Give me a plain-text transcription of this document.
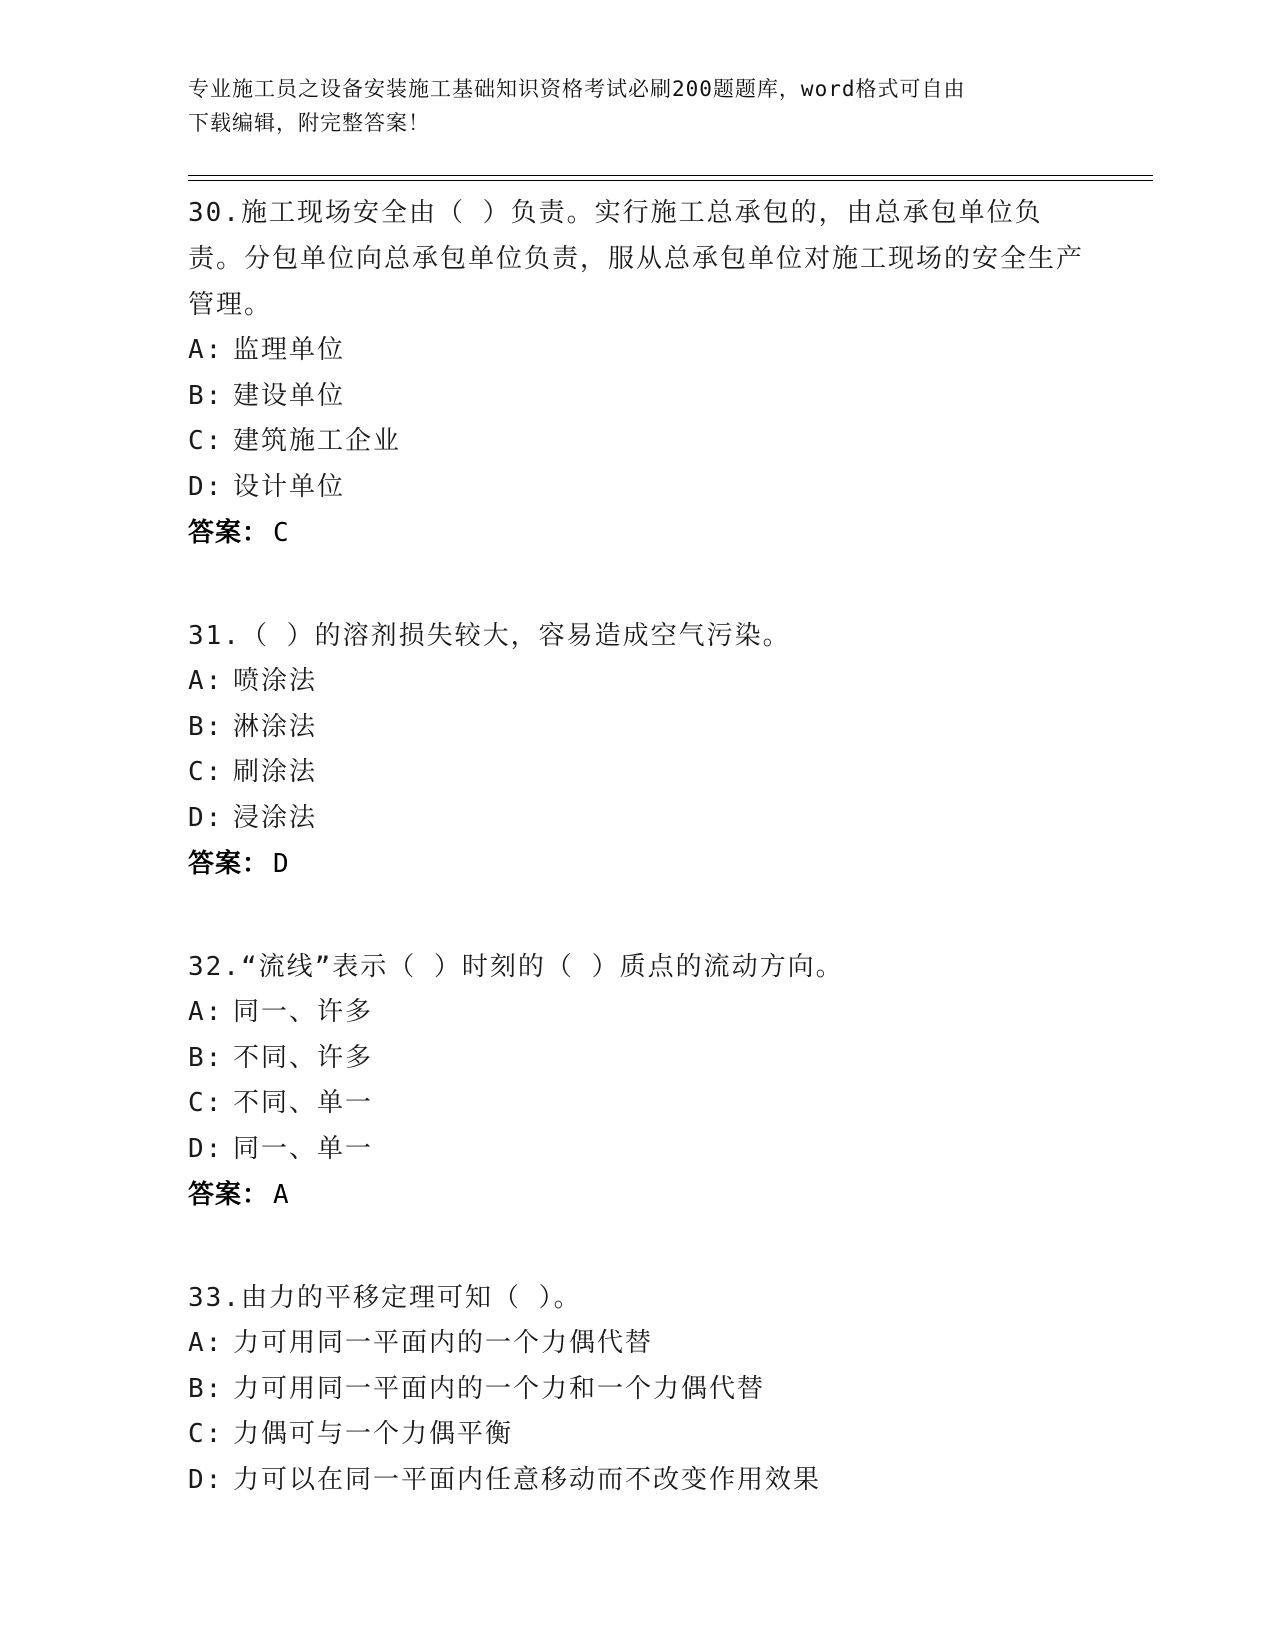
专业施工员之设备安装施工基础知识资格考试必刷200题题库，word格式可自由
下载编辑，附完整答案！
30.施工现场安全由（ ）负责。实行施工总承包的，由总承包单位负责。分包单位向总承包单位负责，服从总承包单位对施工现场的安全生产管理。
A: 监理单位
B: 建设单位
C: 建筑施工企业
D: 设计单位
答案： C
31.（ ）的溶剂损失较大，容易造成空气污染。
A: 喷涂法
B: 淋涂法
C: 刷涂法
D: 浸涂法
答案： D
32.“流线”表示（ ）时刻的（ ）质点的流动方向。
A: 同一、许多
B: 不同、许多
C: 不同、单一
D: 同一、单一
答案： A
33.由力的平移定理可知（ ）。
A: 力可用同一平面内的一个力偶代替
B: 力可用同一平面内的一个力和一个力偶代替
C: 力偶可与一个力偶平衡
D: 力可以在同一平面内任意移动而不改变作用效果
